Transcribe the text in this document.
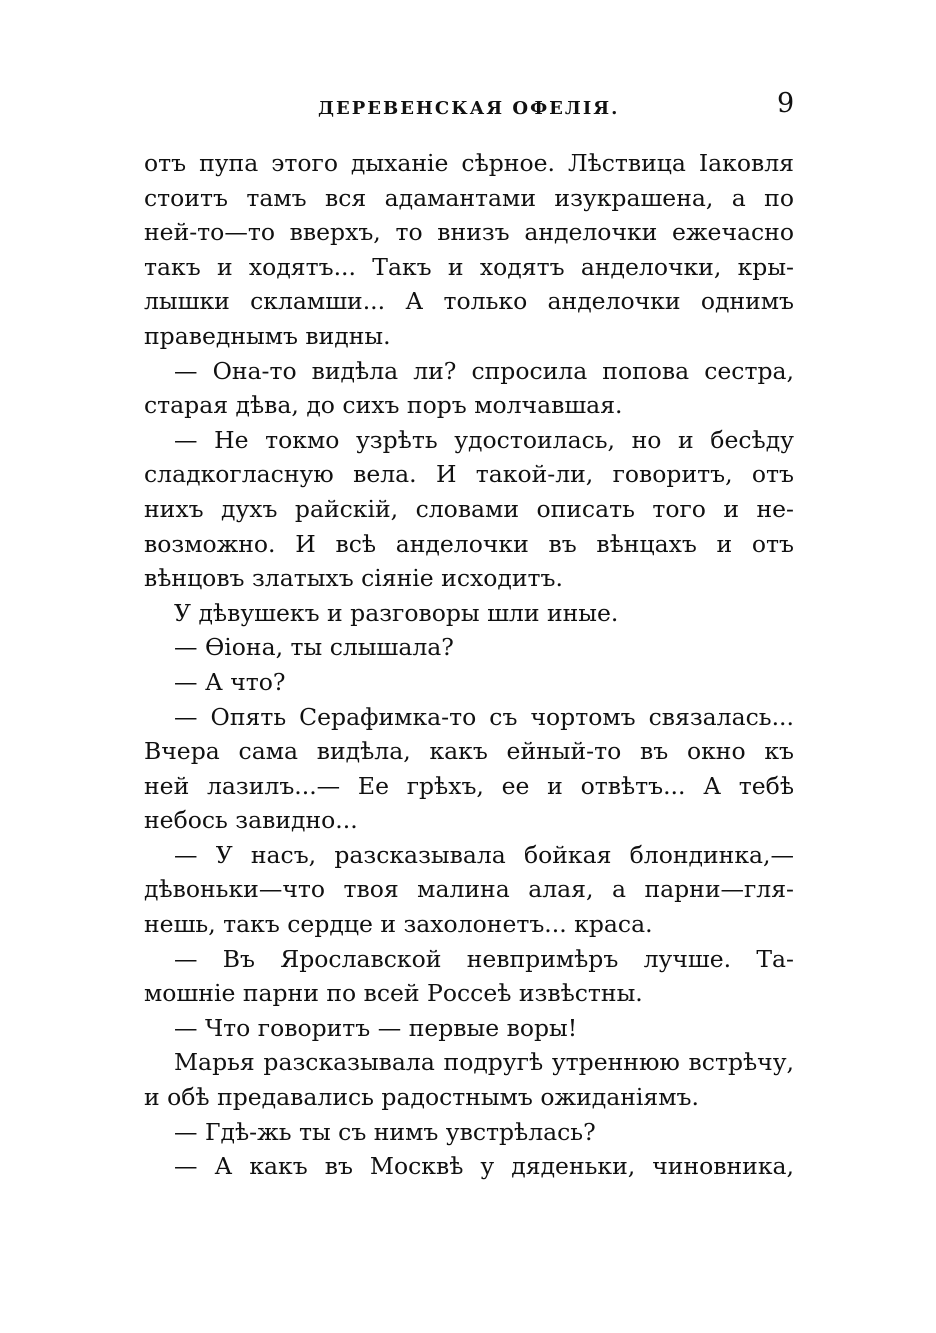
ДЕРЕВЕНСКАЯ ОФЕЛІЯ.	9
отъ пупа этого дыханіе сѣрное. Лѣствица Іаковля
стоитъ тамъ вся адамантами изукрашена, а по
ней-то—то вверхъ, то внизъ анделочки ежечасно
такъ и ходятъ... Такъ и ходятъ анделочки, кры-
лышки скламши... А только анделочки однимъ
праведнымъ видны.
— Она-то видѣла ли? спросила попова сестра,
старая дѣва, до сихъ поръ молчавшая.
— Не токмо узрѣть удостоилась, но и бесѣду
сладкогласную вела. И такой-ли, говоритъ, отъ
нихъ духъ райскій, словами описать того и не-
возможно. И всѣ анделочки въ вѣнцахъ и отъ
вѣнцовъ златыхъ сіяніе исходитъ.
У дѣвушекъ и разговоры шли иные.
— Ѳіона, ты слышала?
— А что?
— Опять Серафимка-то съ чортомъ связалась...
Вчера сама видѣла, какъ ейный-то въ окно къ
ней лазилъ...— Ее грѣхъ, ее и отвѣтъ... А тебѣ
небось завидно...
— У насъ, разсказывала бойкая блондинка,—
дѣвоньки—что твоя малина алая, а парни—гля-
нешь, такъ сердце и захолонетъ... краса.
— Въ Ярославской невпримѣръ лучше. Та-
мошніе парни по всей Россеѣ извѣстны.
— Что говоритъ — первые воры!
Марья разсказывала подругѣ утреннюю встрѣчу,
и обѣ предавались радостнымъ ожиданіямъ.
— Гдѣ-жь ты съ нимъ увстрѣлась?
— А какъ въ Москвѣ у дяденьки, чиновника,
